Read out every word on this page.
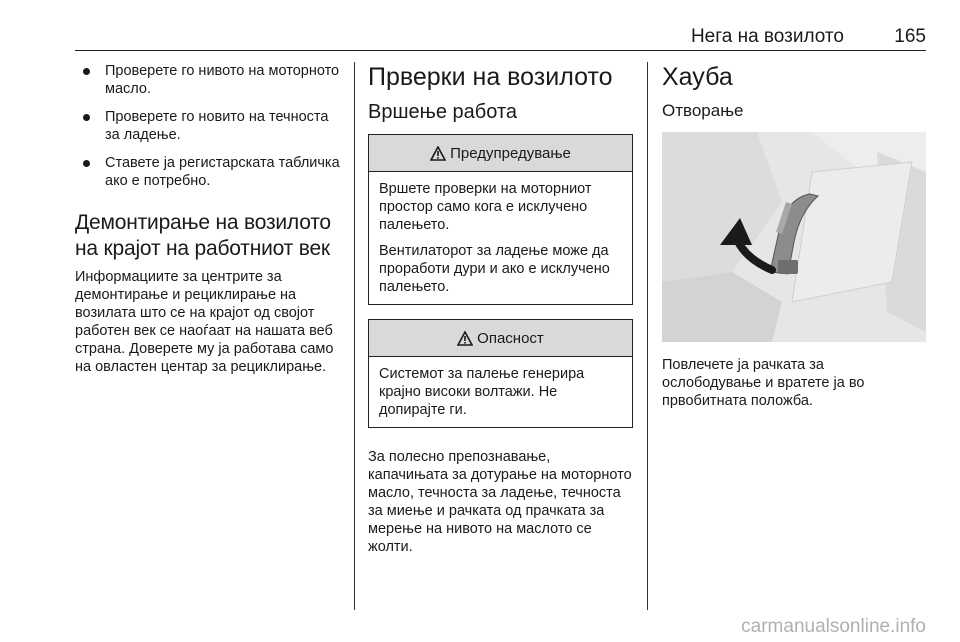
Нега на возилото	165
Проверете го нивото на моторното масло.
Проверете го новито на течноста за ладење.
Ставете ја регистарската табличка ако е потребно.
Демонтирање на возилото на крајот на работниот век

Информациите за центрите за демонтирање и рециклирање на возилата што се на крајот од својот работен век се наоѓаат на нашата веб страна. Доверете му ја работава само на овластен центар за рециклирање.

Прверки на возилото
Вршење работа
Предупредување

Вршете проверки на моторниот простор само кога е исклучено палењето.

Вентилаторот за ладење може да проработи дури и ако е исклучено палењето.

Опасност

Системот за палење генерира крајно високи волтажи. Не допирајте ги.

За полесно препознавање, капачињата за дотурање на моторното масло, течноста за ладење, течноста за миење и рачката од прачката за мерење на нивото на маслото се жолти.

Хауба
Отворање

Повлечете ја рачката за ослободување и вратете ја во првобитната положба.

carmanualsonline.info
